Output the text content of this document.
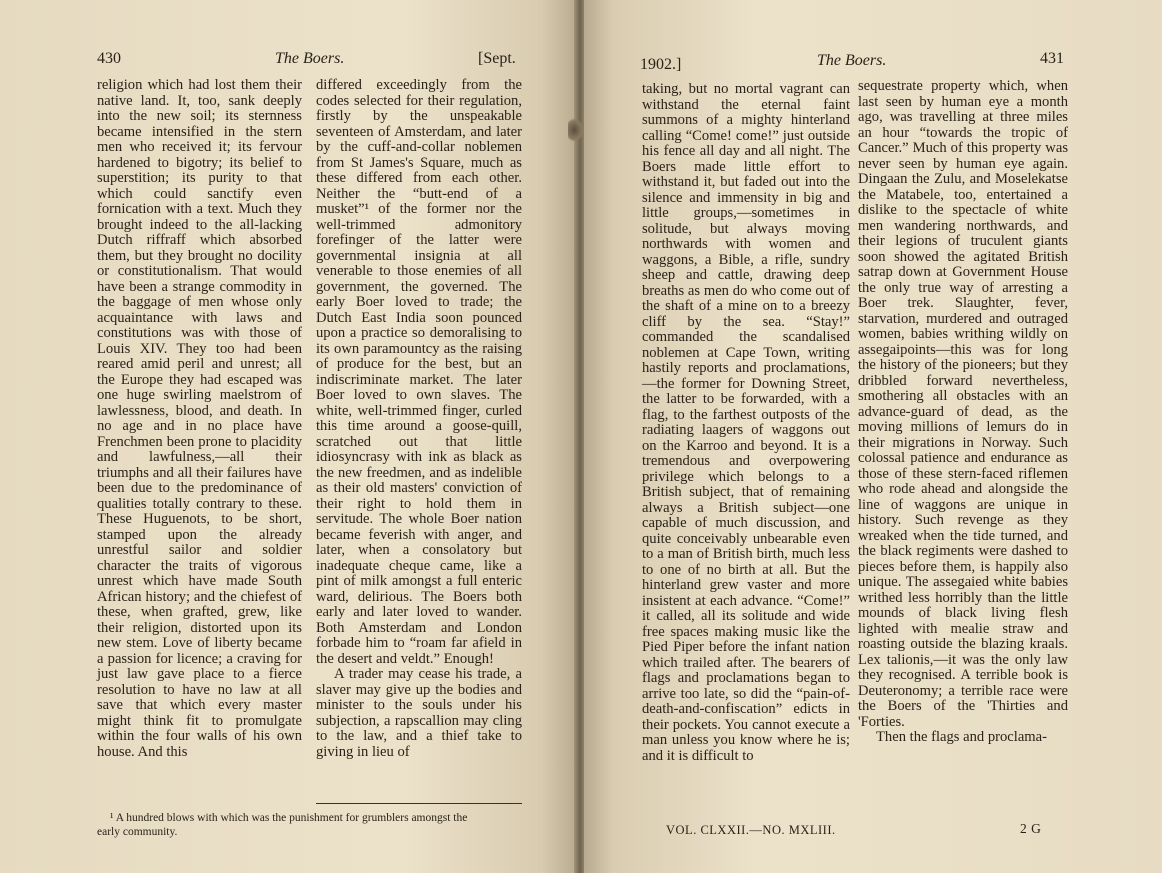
430	The Boers.	[Sept.

religion which had lost them their native land. It, too, sank deeply into the new soil; its sternness became intensified in the stern men who received it; its fervour hardened to bigotry; its belief to superstition; its purity to that which could sanctify even fornication with a text. Much they brought indeed to the all-lacking Dutch riffraff which absorbed them, but they brought no docility or constitutionalism. That would have been a strange commodity in the baggage of men whose only acquaintance with laws and constitutions was with those of Louis XIV. They too had been reared amid peril and unrest; all the Europe they had escaped was one huge swirling maelstrom of lawlessness, blood, and death. In no age and in no place have Frenchmen been prone to placidity and lawfulness,—all their triumphs and all their failures have been due to the predominance of qualities totally contrary to these. These Huguenots, to be short, stamped upon the already unrestful sailor and soldier character the traits of vigorous unrest which have made South African history; and the chiefest of these, when grafted, grew, like their religion, distorted upon its new stem. Love of liberty became a passion for licence; a craving for just law gave place to a fierce resolution to have no law at all save that which every master might think fit to promulgate within the four walls of his own house. And this

differed exceedingly from the codes selected for their regulation, firstly by the unspeakable seventeen of Amsterdam, and later by the cuff-and-collar noblemen from St James's Square, much as these differed from each other. Neither the “butt-end of a musket”¹ of the former nor the well-trimmed admonitory forefinger of the latter were governmental insignia at all venerable to those enemies of all government, the governed. The early Boer loved to trade; the Dutch East India soon pounced upon a practice so demoralising to its own paramountcy as the raising of produce for the best, but an indiscriminate market. The later Boer loved to own slaves. The white, well-trimmed finger, curled this time around a goose-quill, scratched out that little idiosyncrasy with ink as black as the new freedmen, and as indelible as their old masters' conviction of their right to hold them in servitude. The whole Boer nation became feverish with anger, and later, when a consolatory but inadequate cheque came, like a pint of milk amongst a full enteric ward, delirious. The Boers both early and later loved to wander. Both Amsterdam and London forbade him to “roam far afield in the desert and veldt.” Enough!

A trader may cease his trade, a slaver may give up the bodies and minister to the souls under his subjection, a rapscallion may cling to the law, and a thief take to giving in lieu of

¹ A hundred blows with which was the punishment for grumblers amongst the
early community.
1902.]	The Boers.	431

taking, but no mortal vagrant can withstand the eternal faint summons of a mighty hinterland calling “Come! come!” just outside his fence all day and all night. The Boers made little effort to withstand it, but faded out into the silence and immensity in big and little groups,—sometimes in solitude, but always moving northwards with women and waggons, a Bible, a rifle, sundry sheep and cattle, drawing deep breaths as men do who come out of the shaft of a mine on to a breezy cliff by the sea. “Stay!” commanded the scandalised noblemen at Cape Town, writing hastily reports and proclamations,—the former for Downing Street, the latter to be forwarded, with a flag, to the farthest outposts of the radiating laagers of waggons out on the Karroo and beyond. It is a tremendous and overpowering privilege which belongs to a British subject, that of remaining always a British subject—one capable of much discussion, and quite conceivably unbearable even to a man of British birth, much less to one of no birth at all. But the hinterland grew vaster and more insistent at each advance. “Come!” it called, all its solitude and wide free spaces making music like the Pied Piper before the infant nation which trailed after. The bearers of flags and proclamations began to arrive too late, so did the “pain-of-death-and-confiscation” edicts in their pockets. You cannot execute a man unless you know where he is; and it is difficult to

sequestrate property which, when last seen by human eye a month ago, was travelling at three miles an hour “towards the tropic of Cancer.” Much of this property was never seen by human eye again. Dingaan the Zulu, and Moselekatse the Matabele, too, entertained a dislike to the spectacle of white men wandering northwards, and their legions of truculent giants soon showed the agitated British satrap down at Government House the only true way of arresting a Boer trek. Slaughter, fever, starvation, murdered and outraged women, babies writhing wildly on assegaipoints—this was for long the history of the pioneers; but they dribbled forward nevertheless, smothering all obstacles with an advance-guard of dead, as the moving millions of lemurs do in their migrations in Norway. Such colossal patience and endurance as those of these stern-faced riflemen who rode ahead and alongside the line of waggons are unique in history. Such revenge as they wreaked when the tide turned, and the black regiments were dashed to pieces before them, is happily also unique. The assegaied white babies writhed less horribly than the little mounds of black living flesh lighted with mealie straw and roasting outside the blazing kraals. Lex talionis,—it was the only law they recognised. A terrible book is Deuteronomy; a terrible race were the Boers of the 'Thirties and 'Forties.

Then the flags and proclama-

VOL. CLXXII.—NO. MXLIII.	2 G
